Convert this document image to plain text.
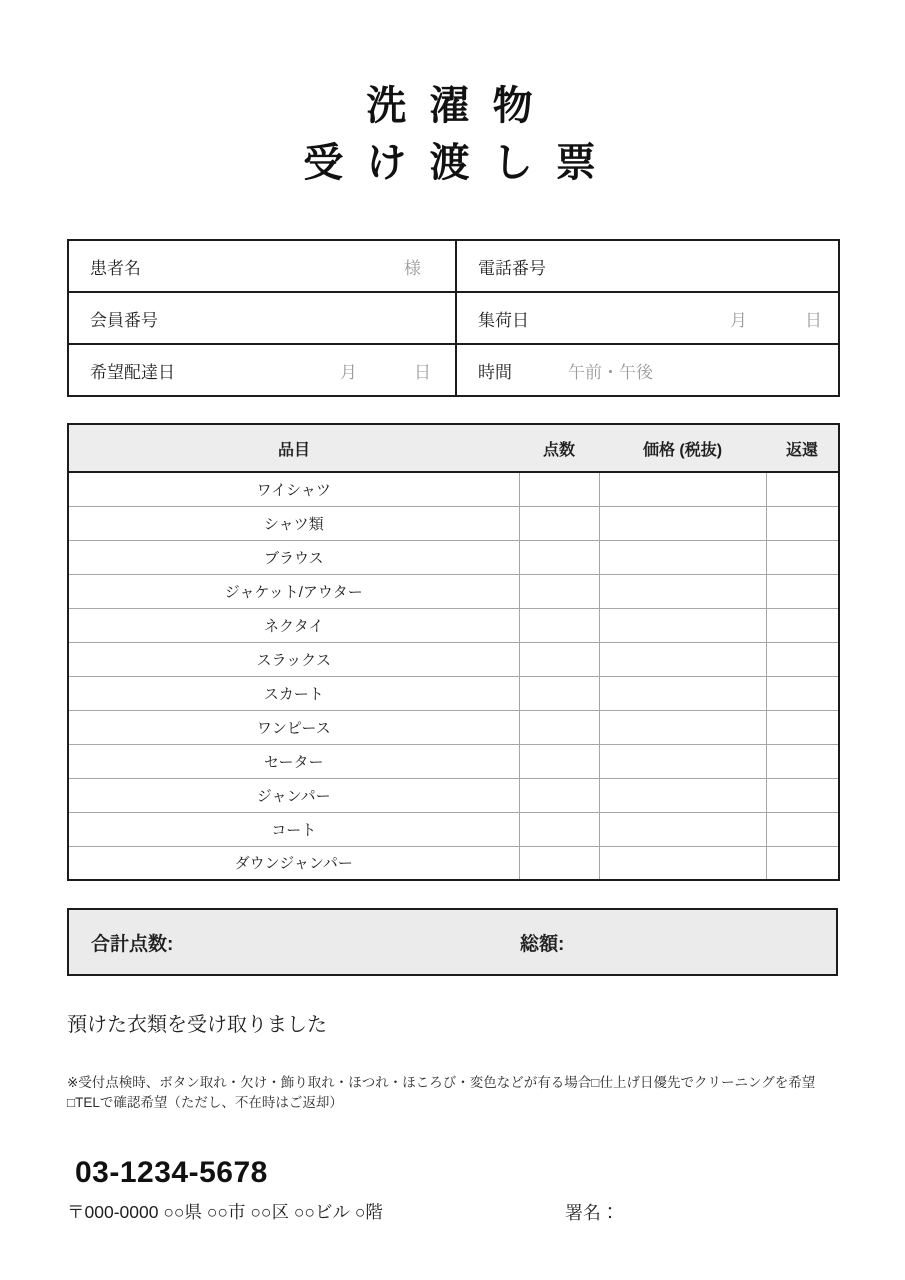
洗 濯 物
受 け 渡 し 票
患者名 様	電話番号

会員番号	集荷日 月 日

希望配達日 月 日	時間 午前・午後
品目	点数	価格 (税抜)	返還
ワイシャツ			
シャツ類			
ブラウス			
ジャケット/アウター			
ネクタイ			
スラックス			
スカート			
ワンピース			
セーター			
ジャンパー			
コート			
ダウンジャンパー			
合計点数:	総額:

預けた衣類を受け取りました

※受付点検時、ボタン取れ・欠け・飾り取れ・ほつれ・ほころび・変色などが有る場合□仕上げ日優先でクリーニングを希望□TELで確認希望（ただし、不在時はご返却）

03-1234-5678
〒000-0000 ○○県 ○○市 ○○区 ○○ビル ○階	署名：
